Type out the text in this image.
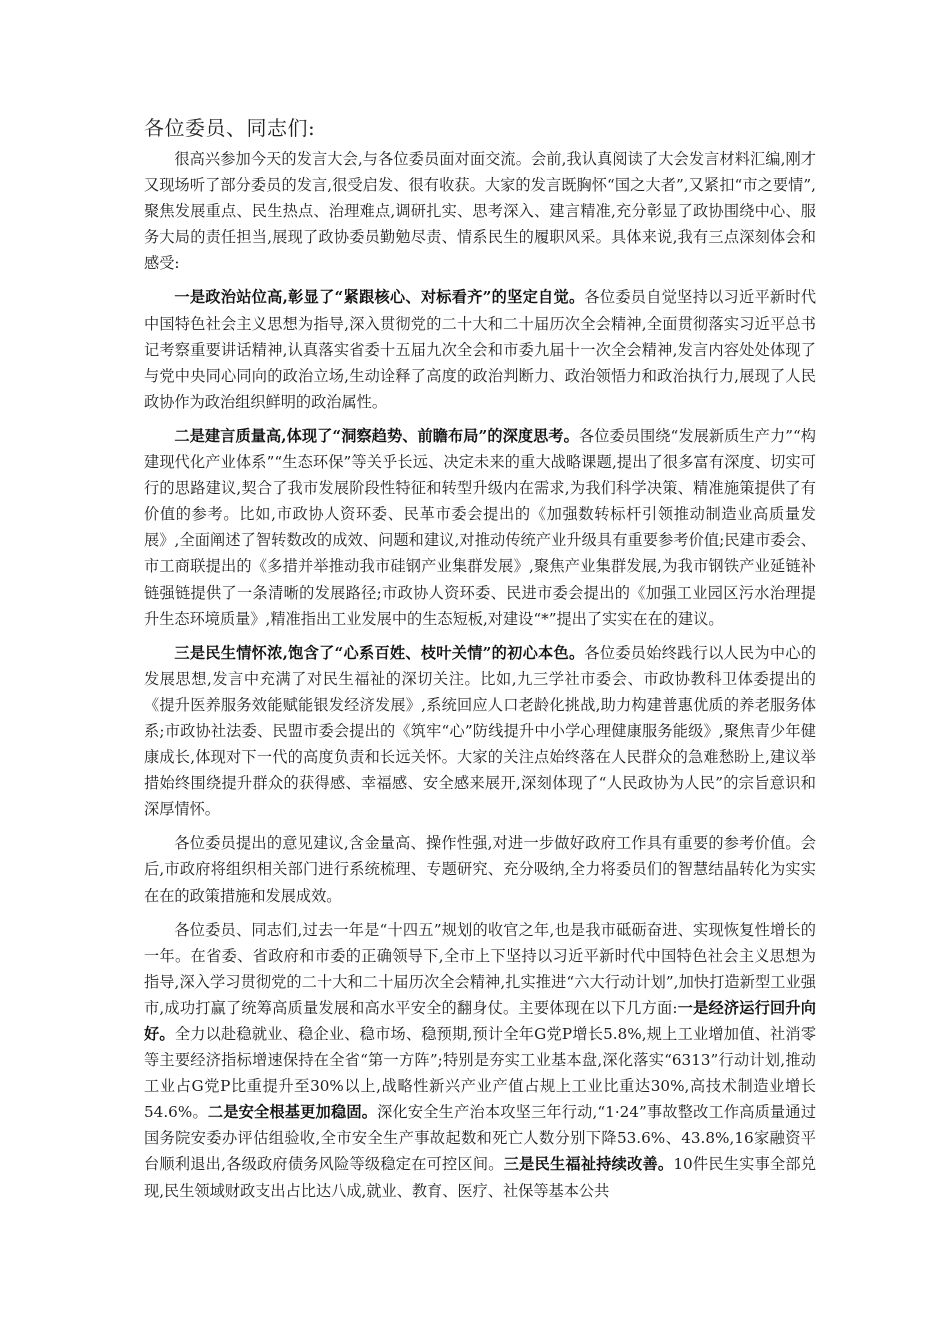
各位委员、同志们:

很高兴参加今天的发言大会,与各位委员面对面交流。会前,我认真阅读了大会发言材料汇编,刚才又现场听了部分委员的发言,很受启发、很有收获。大家的发言既胸怀“国之大者”,又紧扣“市之要情”,聚焦发展重点、民生热点、治理难点,调研扎实、思考深入、建言精准,充分彰显了政协围绕中心、服务大局的责任担当,展现了政协委员勤勉尽责、情系民生的履职风采。具体来说,我有三点深刻体会和感受:

一是政治站位高,彰显了“紧跟核心、对标看齐”的坚定自觉。各位委员自觉坚持以习近平新时代中国特色社会主义思想为指导,深入贯彻党的二十大和二十届历次全会精神,全面贯彻落实习近平总书记考察重要讲话精神,认真落实省委十五届九次全会和市委九届十一次全会精神,发言内容处处体现了与党中央同心同向的政治立场,生动诠释了高度的政治判断力、政治领悟力和政治执行力,展现了人民政协作为政治组织鲜明的政治属性。

二是建言质量高,体现了“洞察趋势、前瞻布局”的深度思考。各位委员围绕“发展新质生产力”“构建现代化产业体系”“生态环保”等关乎长远、决定未来的重大战略课题,提出了很多富有深度、切实可行的思路建议,契合了我市发展阶段性特征和转型升级内在需求,为我们科学决策、精准施策提供了有价值的参考。比如,市政协人资环委、民革市委会提出的《加强数转标杆引领推动制造业高质量发展》,全面阐述了智转数改的成效、问题和建议,对推动传统产业升级具有重要参考价值;民建市委会、市工商联提出的《多措并举推动我市硅钢产业集群发展》,聚焦产业集群发展,为我市钢铁产业延链补链强链提供了一条清晰的发展路径;市政协人资环委、民进市委会提出的《加强工业园区污水治理提升生态环境质量》,精准指出工业发展中的生态短板,对建设“*”提出了实实在在的建议。

三是民生情怀浓,饱含了“心系百姓、枝叶关情”的初心本色。各位委员始终践行以人民为中心的发展思想,发言中充满了对民生福祉的深切关注。比如,九三学社市委会、市政协教科卫体委提出的《提升医养服务效能赋能银发经济发展》,系统回应人口老龄化挑战,助力构建普惠优质的养老服务体系;市政协社法委、民盟市委会提出的《筑牢“心”防线提升中小学心理健康服务能级》,聚焦青少年健康成长,体现对下一代的高度负责和长远关怀。大家的关注点始终落在人民群众的急难愁盼上,建议举措始终围绕提升群众的获得感、幸福感、安全感来展开,深刻体现了“人民政协为人民”的宗旨意识和深厚情怀。

各位委员提出的意见建议,含金量高、操作性强,对进一步做好政府工作具有重要的参考价值。会后,市政府将组织相关部门进行系统梳理、专题研究、充分吸纳,全力将委员们的智慧结晶转化为实实在在的政策措施和发展成效。

各位委员、同志们,过去一年是“十四五”规划的收官之年,也是我市砥砺奋进、实现恢复性增长的一年。在省委、省政府和市委的正确领导下,全市上下坚持以习近平新时代中国特色社会主义思想为指导,深入学习贯彻党的二十大和二十届历次全会精神,扎实推进“六大行动计划”,加快打造新型工业强市,成功打赢了统筹高质量发展和高水平安全的翻身仗。主要体现在以下几方面:一是经济运行回升向好。全力以赴稳就业、稳企业、稳市场、稳预期,预计全年G党P增长5.8%,规上工业增加值、社消零等主要经济指标增速保持在全省“第一方阵”;特别是夯实工业基本盘,深化落实“6313”行动计划,推动工业占G党P比重提升至30%以上,战略性新兴产业产值占规上工业比重达30%,高技术制造业增长54.6%。二是安全根基更加稳固。深化安全生产治本攻坚三年行动,“1·24”事故整改工作高质量通过国务院安委办评估组验收,全市安全生产事故起数和死亡人数分别下降53.6%、43.8%,16家融资平台顺利退出,各级政府债务风险等级稳定在可控区间。三是民生福祉持续改善。10件民生实事全部兑现,民生领域财政支出占比达八成,就业、教育、医疗、社保等基本公共
